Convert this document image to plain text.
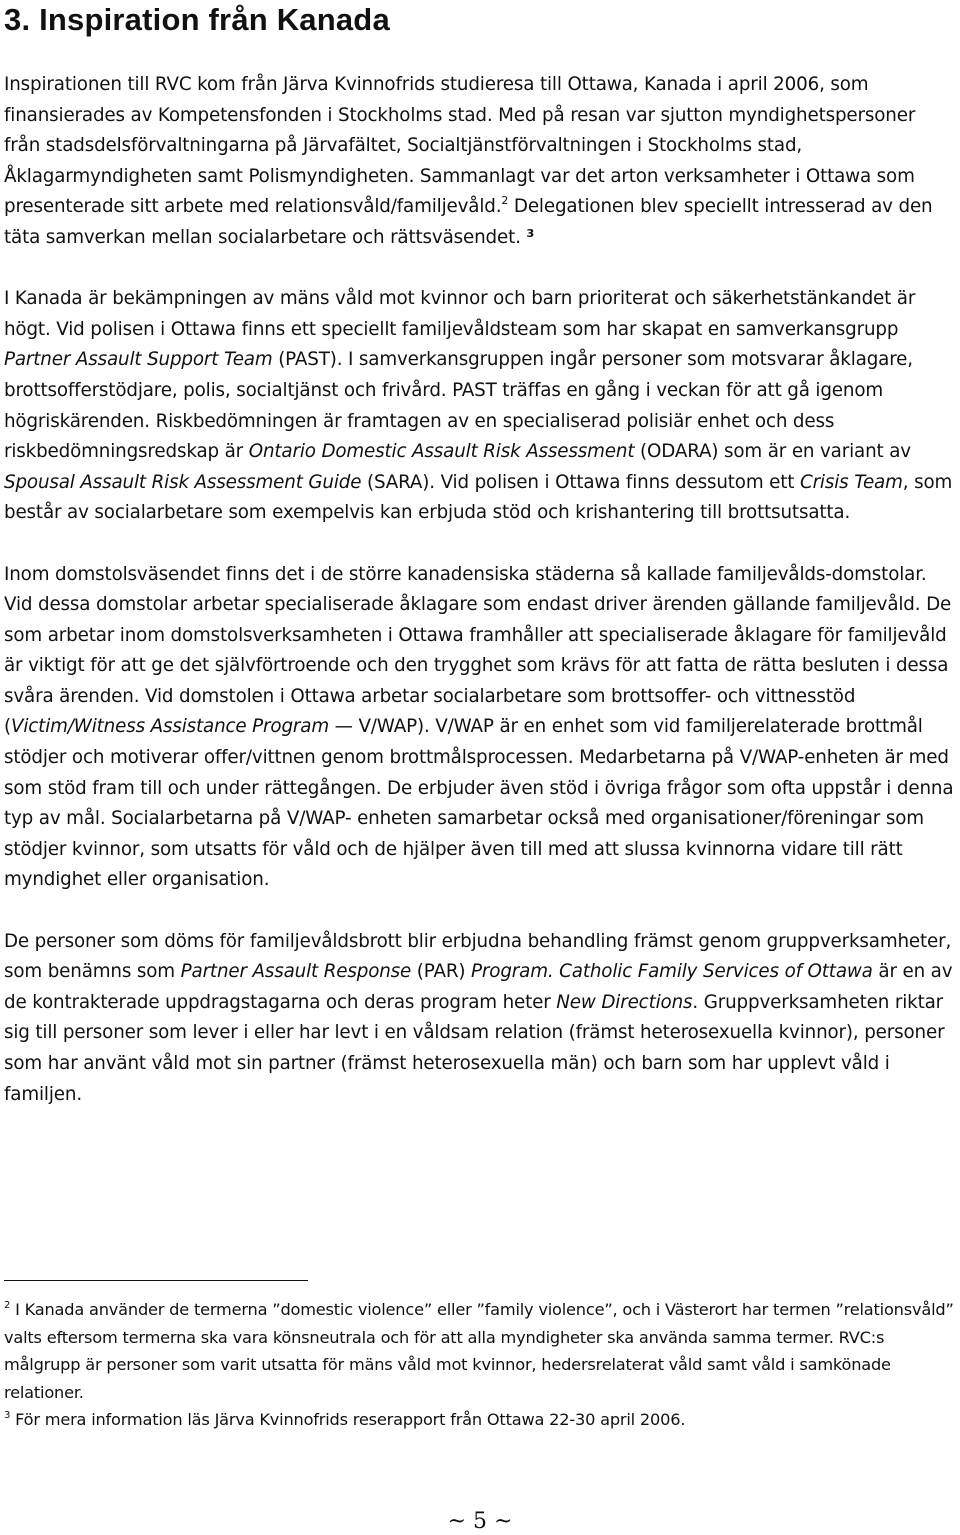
3. Inspiration från Kanada

Inspirationen till RVC kom från Järva Kvinnofrids studieresa till Ottawa, Kanada i april 2006, som finansierades av Kompetensfonden i Stockholms stad. Med på resan var sjutton myndighetspersoner från stadsdelsförvaltningarna på Järvafältet, Socialtjänstförvaltningen i Stockholms stad, Åklagarmyndigheten samt Polismyndigheten. Sammanlagt var det arton verksamheter i Ottawa som presenterade sitt arbete med relationsvåld/familjevåld.$^2$ Delegationen blev speciellt intresserad av den täta samverkan mellan socialarbetare och rättsväsendet. ³

I Kanada är bekämpningen av mäns våld mot kvinnor och barn prioriterat och säkerhetstänkandet är högt. Vid polisen i Ottawa finns ett speciellt familjevåldsteam som har skapat en samverkansgrupp Partner Assault Support Team (PAST). I samverkansgruppen ingår personer som motsvarar åklagare, brottsofferstödjare, polis, socialtjänst och frivård. PAST träffas en gång i veckan för att gå igenom högriskärenden. Riskbedömningen är framtagen av en specialiserad polisiär enhet och dess riskbedömningsredskap är Ontario Domestic Assault Risk Assessment (ODARA) som är en variant av Spousal Assault Risk Assessment Guide (SARA). Vid polisen i Ottawa finns dessutom ett Crisis Team, som består av socialarbetare som exempelvis kan erbjuda stöd och krishantering till brottsutsatta.

Inom domstolsväsendet finns det i de större kanadensiska städerna så kallade familjevålds-domstolar. Vid dessa domstolar arbetar specialiserade åklagare som endast driver ärenden gällande familjevåld. De som arbetar inom domstolsverksamheten i Ottawa framhåller att specialiserade åklagare för familjevåld är viktigt för att ge det självförtroende och den trygghet som krävs för att fatta de rätta besluten i dessa svåra ärenden. Vid domstolen i Ottawa arbetar socialarbetare som brottsoffer- och vittnesstöd (Victim/Witness Assistance Program — V/WAP). V/WAP är en enhet som vid familjerelaterade brottmål stödjer och motiverar offer/vittnen genom brottmålsprocessen. Medarbetarna på V/WAP-enheten är med som stöd fram till och under rättegången. De erbjuder även stöd i övriga frågor som ofta uppstår i denna typ av mål. Socialarbetarna på V/WAP- enheten samarbetar också med organisationer/föreningar som stödjer kvinnor, som utsatts för våld och de hjälper även till med att slussa kvinnorna vidare till rätt myndighet eller organisation.

De personer som döms för familjevåldsbrott blir erbjudna behandling främst genom gruppverksamheter, som benämns som Partner Assault Response (PAR) Program. Catholic Family Services of Ottawa är en av de kontrakterade uppdragstagarna och deras program heter New Directions. Gruppverksamheten riktar sig till personer som lever i eller har levt i en våldsam relation (främst heterosexuella kvinnor), personer som har använt våld mot sin partner (främst heterosexuella män) och barn som har upplevt våld i familjen.

$^2$ I Kanada använder de termerna ”domestic violence” eller ”family violence”, och i Västerort har termen ”relationsvåld” valts eftersom termerna ska vara könsneutrala och för att alla myndigheter ska använda samma termer. RVC:s målgrupp är personer som varit utsatta för mäns våld mot kvinnor, hedersrelaterat våld samt våld i samkönade relationer.

$^3$ För mera information läs Järva Kvinnofrids reserapport från Ottawa 22-30 april 2006.

~ 5 ~
